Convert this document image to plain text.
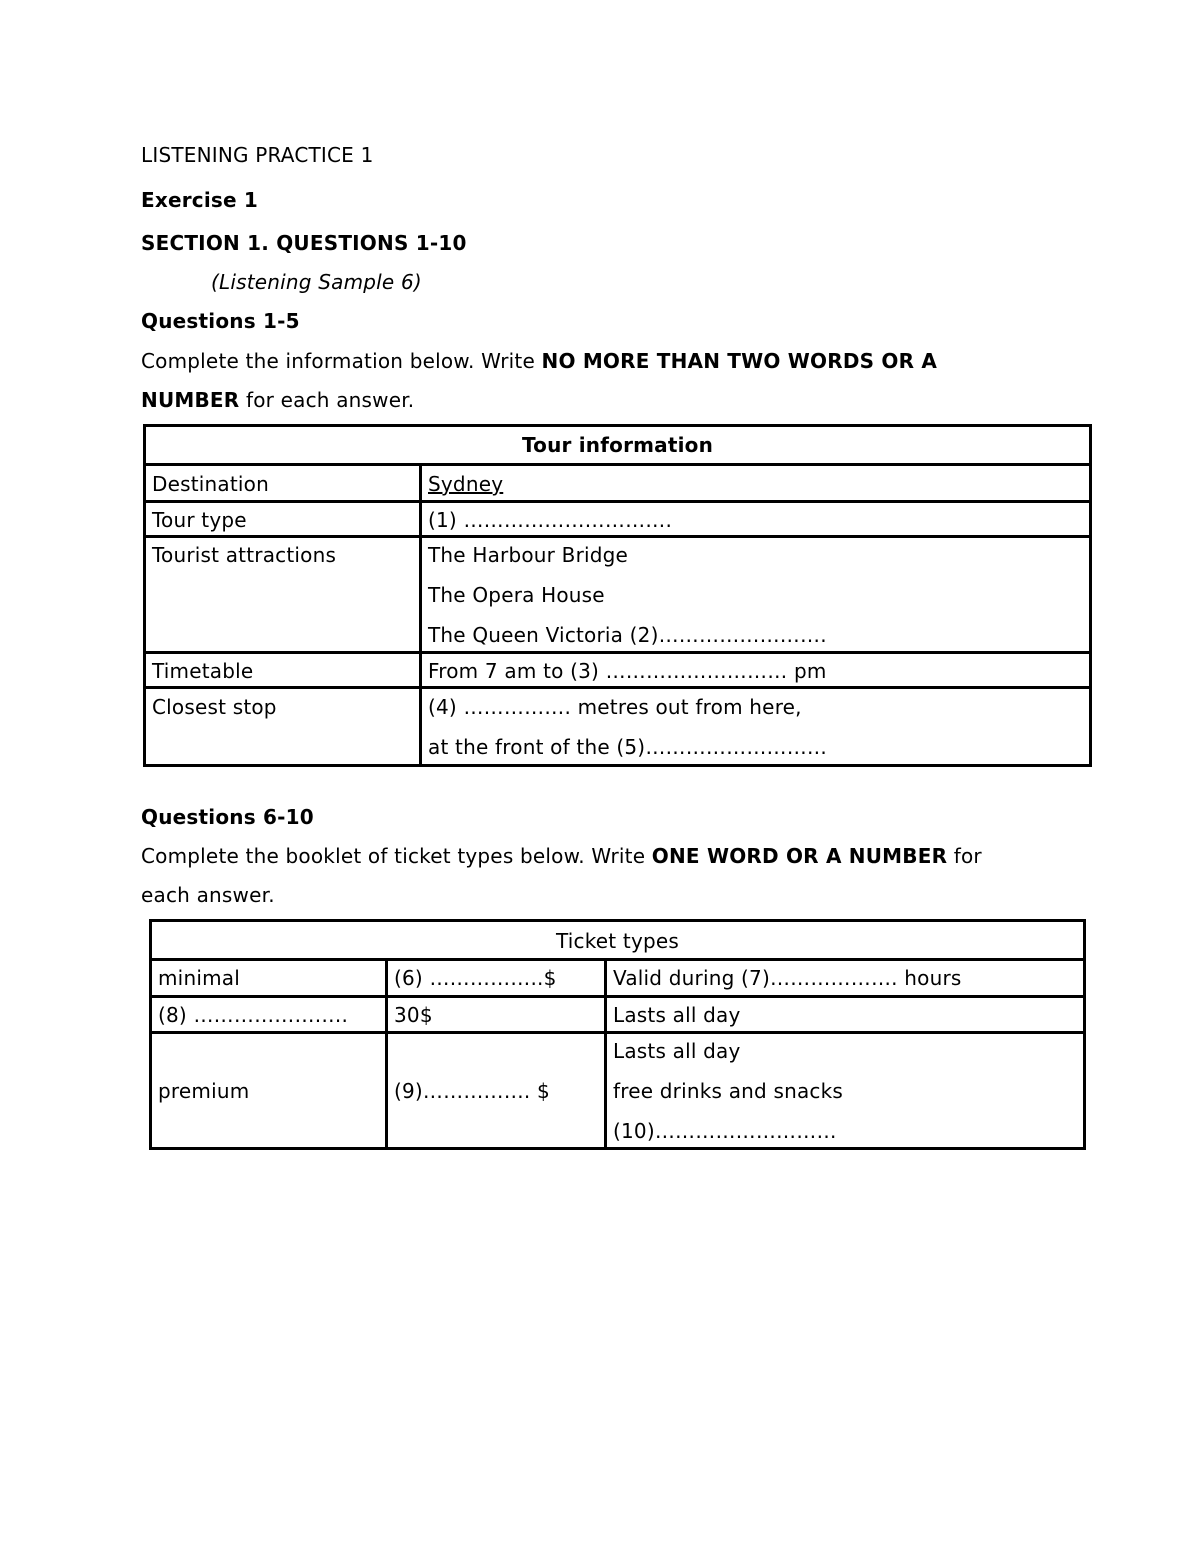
LISTENING PRACTICE 1
Exercise 1
SECTION 1. QUESTIONS 1-10
(Listening Sample 6)
Questions 1-5
Complete the information below. Write NO MORE THAN TWO WORDS OR A
NUMBER for each answer.
Tour information	
Destination	Sydney
Tour type	(1) ………………………….
Tourist attractions	The Harbour Bridge
The Opera House
The Queen Victoria (2)…………………….

Timetable	From 7 am to (3) ……………………… pm
Closest stop	(4) ……………. metres out from here,
at the front of the (5)………………………
Questions 6-10
Complete the booklet of ticket types below. Write ONE WORD OR A NUMBER for
each answer.
Ticket types		
minimal	(6) ……………..$	Valid during (7)………………. hours
(8) …………………..	30$	Lasts all day
premium	(9)……………. $	Lasts all day
free drinks and snacks
(10)………………………
